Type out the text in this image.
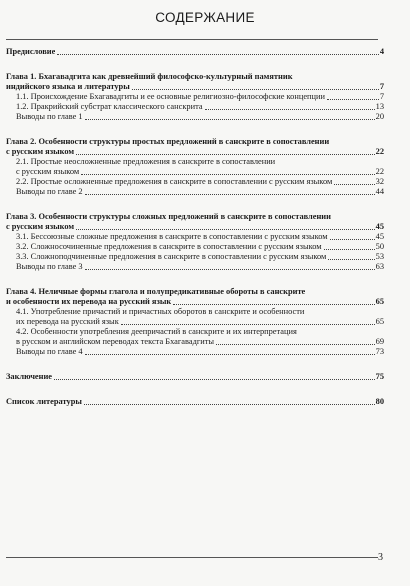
СОДЕРЖАНИЕ
Предисловие	4
Глава 1. Бхагавадгита как древнейший философско-культурный памятник
индийского языка и литературы	7
1.1. Происхождение Бхагавадгиты и ее основные религиозно-философские концепции	7
1.2. Пракрийский субстрат классического санскрита	13
Выводы по главе 1	20
Глава 2. Особенности структуры простых предложений в санскрите в сопоставлении
с русским языком	22
2.1. Простые неосложненные предложения в санскрите в сопоставлении
с русским языком	22
2.2. Простые осложненные предложения в санскрите в сопоставлении с русским языком	32
Выводы по главе 2	44
Глава 3. Особенности структуры сложных предложений в санскрите в сопоставлении
с русским языком	45
3.1. Бессоюзные сложные предложения в санскрите в сопоставлении с русским языком	45
3.2. Сложносочиненные предложения в санскрите в сопоставлении с русским языком	50
3.3. Сложноподчиненные предложения в санскрите в сопоставлении с русским языком	53
Выводы по главе 3	63
Глава 4. Неличные формы глагола и полупредикативные обороты в санскрите
и особенности их перевода на русский язык	65
4.1. Употребление причастий и причастных оборотов в санскрите и особенности
их перевода на русский язык	65
4.2. Особенности употребления деепричастий в санскрите и их интерпретация
в русском и английском переводах текста Бхагавадгиты	69
Выводы по главе 4	73
Заключение	75
Список литературы	80
3
